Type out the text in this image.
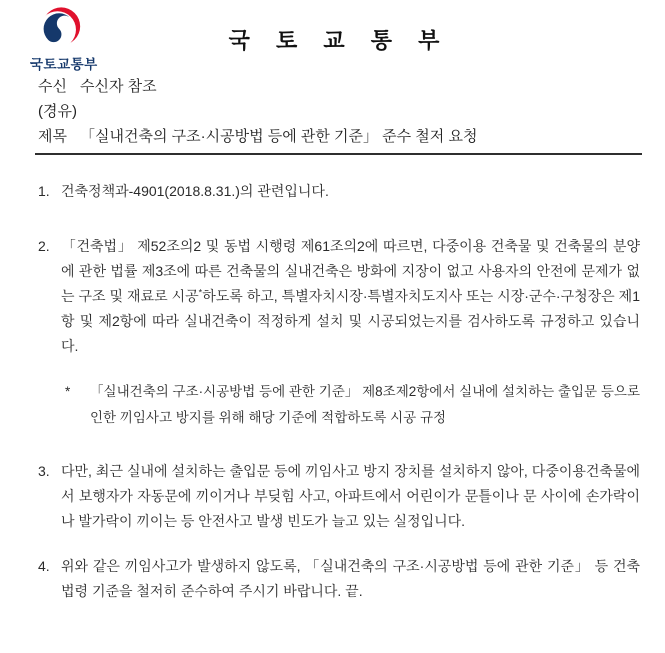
국토교통부
국 토 교 통 부
수신 수신자 참조
(경유)
제목 「실내건축의 구조·시공방법 등에 관한 기준」 준수 철저 요청

1. 건축정책과-4901(2018.8.31.)의 관련입니다.

2. 「건축법」 제52조의2 및 동법 시행령 제61조의2에 따르면, 다중이용 건축물 및 건축물의 분양에 관한 법률 제3조에 따른 건축물의 실내건축은 방화에 지장이 없고 사용자의 안전에 문제가 없는 구조 및 재료로 시공*하도록 하고, 특별자치시장·특별자치도지사 또는 시장·군수·구청장은 제1항 및 제2항에 따라 실내건축이 적정하게 설치 및 시공되었는지를 검사하도록 규정하고 있습니다.

* 「실내건축의 구조·시공방법 등에 관한 기준」 제8조제2항에서 실내에 설치하는 출입문 등으로 인한 끼임사고 방지를 위해 해당 기준에 적합하도록 시공 규정

3. 다만, 최근 실내에 설치하는 출입문 등에 끼임사고 방지 장치를 설치하지 않아, 다중이용건축물에서 보행자가 자동문에 끼이거나 부딪힘 사고, 아파트에서 어린이가 문틀이나 문 사이에 손가락이나 발가락이 끼이는 등 안전사고 발생 빈도가 늘고 있는 실정입니다.

4. 위와 같은 끼임사고가 발생하지 않도록, 「실내건축의 구조·시공방법 등에 관한 기준」 등 건축법령 기준을 철저히 준수하여 주시기 바랍니다. 끝.
